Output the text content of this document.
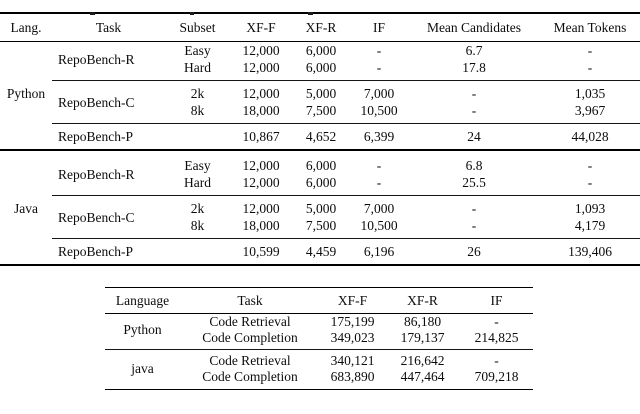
Lang.	Task	Subset	XF-F	XF-R	IF	Mean Candidates	Mean Tokens
Python	RepoBench-R	Easy	12,000	6,000	-	6.7	-
		Hard	12,000	6,000	-	17.8	-
	RepoBench-C	2k	12,000	5,000	7,000	-	1,035
		8k	18,000	7,500	10,500	-	3,967
	RepoBench-P		10,867	4,652	6,399	24	44,028
Java	RepoBench-R	Easy	12,000	6,000	-	6.8	-
		Hard	12,000	6,000	-	25.5	-
	RepoBench-C	2k	12,000	5,000	7,000	-	1,093
		8k	18,000	7,500	10,500	-	4,179
	RepoBench-P		10,599	4,459	6,196	26	139,406
Language	Task	XF-F	XF-R	IF
Python	Code Retrieval	175,199	86,180	-
	Code Completion	349,023	179,137	214,825
java	Code Retrieval	340,121	216,642	-
	Code Completion	683,890	447,464	709,218
